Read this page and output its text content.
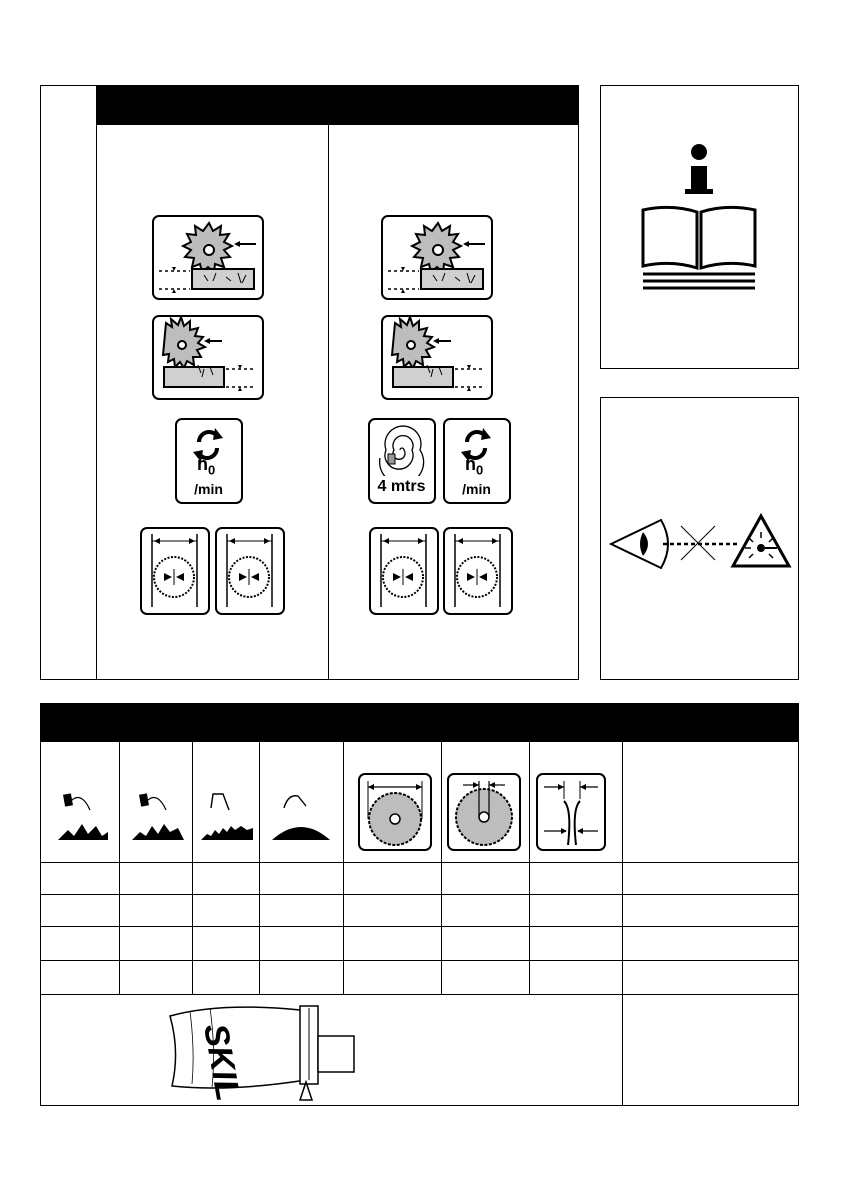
$n_0$
/min	4 mtrs
$n_0$
/min
SKIL
